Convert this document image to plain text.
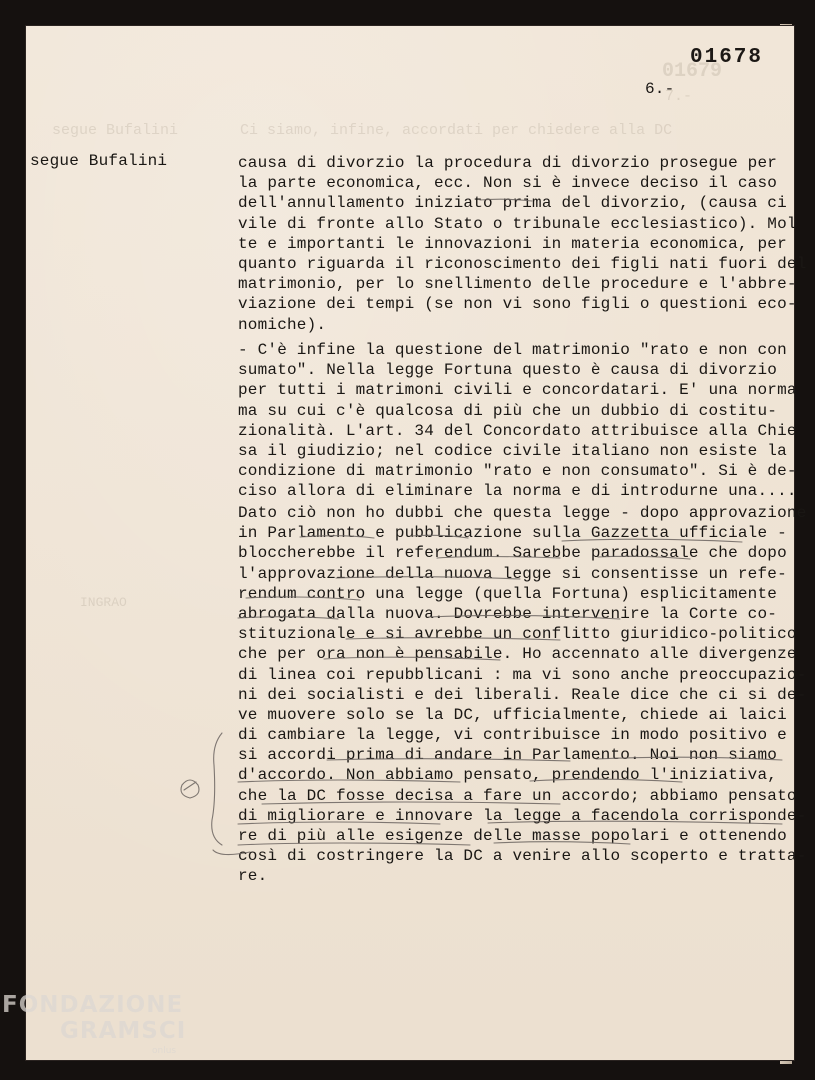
01679
7.-
segue Bufalini	Ci siamo, infine, accordati per chiedere alla DC
INGRAO
01678
6.-
segue Bufalini	causa di divorzio la procedura di divorzio prosegue per
la parte economica, ecc. Non si è invece deciso il caso
dell'annullamento iniziato prima del divorzio, (causa ci
vile di fronte allo Stato o tribunale ecclesiastico). Mol
te e importanti le innovazioni in materia economica, per
quanto riguarda il riconoscimento dei figli nati fuori del
matrimonio, per lo snellimento delle procedure e l'abbre-
viazione dei tempi (se non vi sono figli o questioni eco-
nomiche).
- C'è infine la questione del matrimonio "rato e non con
sumato". Nella legge Fortuna questo è causa di divorzio
per tutti i matrimoni civili e concordatari. E' una norma
ma su cui c'è qualcosa di più che un dubbio di costitu-
zionalità. L'art. 34 del Concordato attribuisce alla Chie
sa il giudizio; nel codice civile italiano non esiste la
condizione di matrimonio "rato e non consumato". Si è de-
ciso allora di eliminare la norma e di introdurne una....
Dato ciò non ho dubbi che questa legge - dopo approvazione
in Parlamento e pubblicazione sulla Gazzetta ufficiale -
bloccherebbe il referendum. Sarebbe paradossale che dopo
l'approvazione della nuova legge si consentisse un refe-
rendum contro una legge (quella Fortuna) esplicitamente
abrogata dalla nuova. Dovrebbe intervenire la Corte co-
stituzionale e si avrebbe un conflitto giuridico-politico
che per ora non è pensabile. Ho accennato alle divergenze
di linea coi repubblicani : ma vi sono anche preoccupazio-
ni dei socialisti e dei liberali. Reale dice che ci si de-
ve muovere solo se la DC, ufficialmente, chiede ai laici
di cambiare la legge, vi contribuisce in modo positivo e
si accordi prima di andare in Parlamento. Noi non siamo
d'accordo. Non abbiamo pensato, prendendo l'iniziativa,
che la DC fosse decisa a fare un accordo; abbiamo pensato
di migliorare e innovare la legge a facendola corrisponde-
re di più alle esigenze delle masse popolari e ottenendo
così di costringere la DC a venire allo scoperto e tratta-
re.
FONDAZIONE
GRAMSCI
onlus
